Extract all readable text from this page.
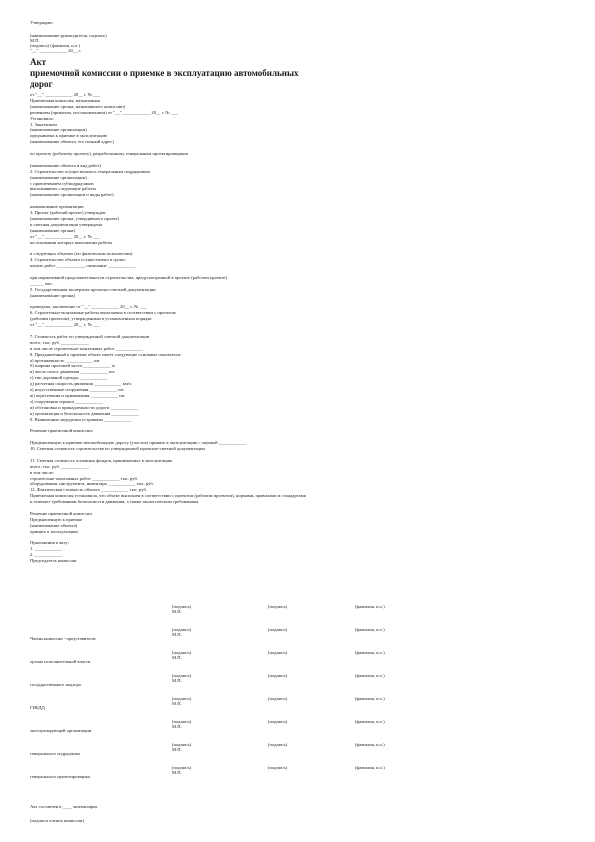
Утверждаю
(наименование руководителя, подпись)
М.П.
(подпись) (фамилия, и.о.)
"__" ____________ 20__ г.
Акт
приемочной комиссии о приемке в эксплуатацию автомобильных
дорог
от "__" ____________ 20__ г. № ___
Приемочная комиссия, назначенная
(наименование органа, назначившего комиссию)
решением (приказом, постановлением) от "__" ____________ 20__ г. № ___
Установила:
1. Заказчиком
(наименование организации)
предъявлена к приемке в эксплуатацию
(наименование объекта, его полный адрес)
по проекту (рабочему проекту), разработанному генеральным проектировщиком
(наименование объекта и вид работ)
2. Строительство осуществлялось генеральным подрядчиком
(наименование организации)
с привлечением субподрядчиков
выполнявших следующие работы
(наименование организации и виды работ)
наименование организации
3. Проект (рабочий проект) утвержден
(наименование органа, утвердившего проект)
и сметная документация утверждена
(наименование органа)
от "__" ____________ 20__ г. № ___
на основании которых выполнены работы
в следующих объемах (по физическим показателям)
4. Строительство объекта осуществлено в сроки:
начало работ ____________, окончание ____________
при нормативной продолжительности строительства, предусмотренной в проекте (рабочем проекте)
______ мес.
5. Государственная экспертиза проектно-сметной документации
(наименование органа)
проведена, заключение от "__" ____________ 20__ г. № ___
6. Строительно-монтажные работы выполнены в соответствии с проектом
(рабочим проектом), утвержденным в установленном порядке
от "__" ____________ 20__ г. № ___
7. Стоимость работ по утвержденной сметной документации
всего, тыс. руб. ____________
в том числе строительно-монтажных работ ____________
8. Предъявленный к приемке объект имеет следующие основные показатели:
а) протяженность ____________ км
б) ширина проезжей части ____________ м
в) число полос движения ____________ шт.
г) тип дорожной одежды ____________
д) расчетная скорость движения ____________ км/ч
е) искусственные сооружения ____________ шт.
ж) пересечения и примыкания ____________ шт.
з) сооружения сервиса ____________
и) обстановка и принадлежности дороги ____________
к) организация и безопасность движения ____________
9. Выявленные недоделки устранены ____________
Решение приемочной комиссии:
Предъявленную к приемке автомобильную дорогу (участок) принять в эксплуатацию с оценкой ____________
10. Сметная стоимость строительства по утвержденной проектно-сметной документации
11. Сметная стоимость основных фондов, принимаемых в эксплуатацию
всего, тыс. руб. ____________
в том числе:
строительно-монтажных работ ____________ тыс. руб.
оборудования, инструмента, инвентаря ____________ тыс. руб.
12. Фактическая стоимость объекта ____________ тыс. руб.
Приемочная комиссия установила, что объект выполнен в соответствии с проектом (рабочим проектом), нормами, правилами и стандартами
и отвечает требованиям безопасности движения, а также экологическим требованиям.
Решение приемочной комиссии
Предъявленную к приемке
(наименование объекта)
принять в эксплуатацию.
Приложения к акту:
1. ____________
2. ____________
Председатель комиссии
(подпись)	(подпись)	(фамилия, и.о.)
М.П.
Члены комиссии - представители:
(подпись)	(подпись)	(фамилия, и.о.)
М.П.
органа исполнительной власти
(подпись)	(подпись)	(фамилия, и.о.)
М.П.
государственного надзора
(подпись)	(подпись)	(фамилия, и.о.)
М.П.
ГИБДД
(подпись)	(подпись)	(фамилия, и.о.)
М.П.
эксплуатирующей организации
(подпись)	(подпись)	(фамилия, и.о.)
М.П.
генерального подрядчика
(подпись)	(подпись)	(фамилия, и.о.)
М.П.
генерального проектировщика
(подпись)	(подпись)	(фамилия, и.о.)
М.П.
Акт составлен в ____ экземплярах
(подписи членов комиссии)
